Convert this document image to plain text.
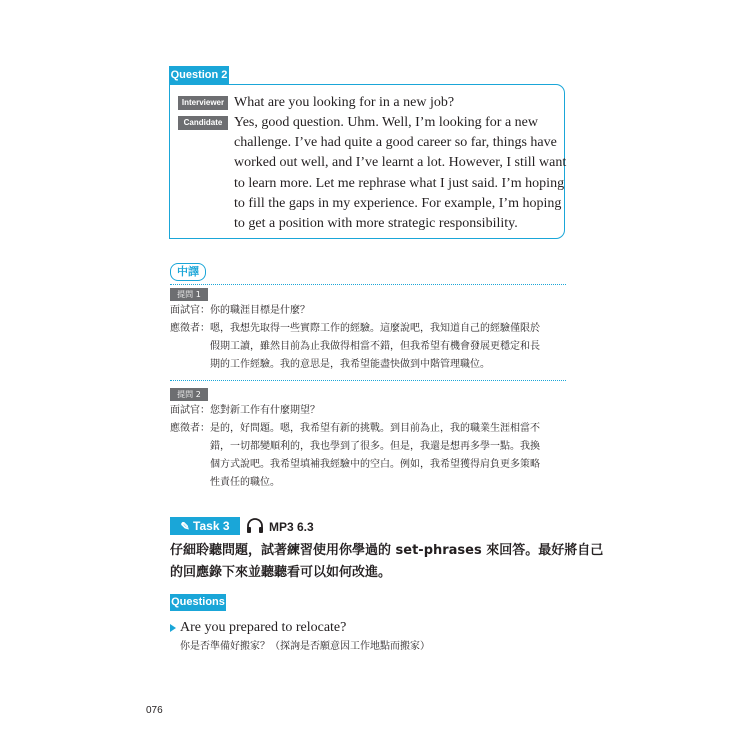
Question 2
Interviewer What are you looking for in a new job?
Candidate Yes, good question. Uhm. Well, I’m looking for a new
challenge. I’ve had quite a good career so far, things have
worked out well, and I’ve learnt a lot. However, I still want
to learn more. Let me rephrase what I just said. I’m hoping
to fill the gaps in my experience. For example, I’m hoping
to get a position with more strategic responsibility.
中譯
提問 1
面試官： 你的職涯目標是什麼？
應徵者： 嗯，我想先取得一些實際工作的經驗。這麼說吧，我知道自己的經驗僅限於
假期工讀，雖然目前為止我做得相當不錯，但我希望有機會發展更穩定和長
期的工作經驗。我的意思是，我希望能盡快做到中階管理職位。
提問 2
面試官： 您對新工作有什麼期望？
應徵者： 是的，好問題。嗯，我希望有新的挑戰。到目前為止，我的職業生涯相當不
錯，一切都變順利的，我也學到了很多。但是，我還是想再多學一點。我換
個方式說吧。我希望填補我經驗中的空白。例如，我希望獲得肩負更多策略
性責任的職位。
✎ Task 3	MP3 6.3
仔細聆聽問題，試著練習使用你學過的 set-phrases 來回答。最好將自己
的回應錄下來並聽聽看可以如何改進。
Questions
Are you prepared to relocate?
你是否準備好搬家？（探詢是否願意因工作地點而搬家）
076
